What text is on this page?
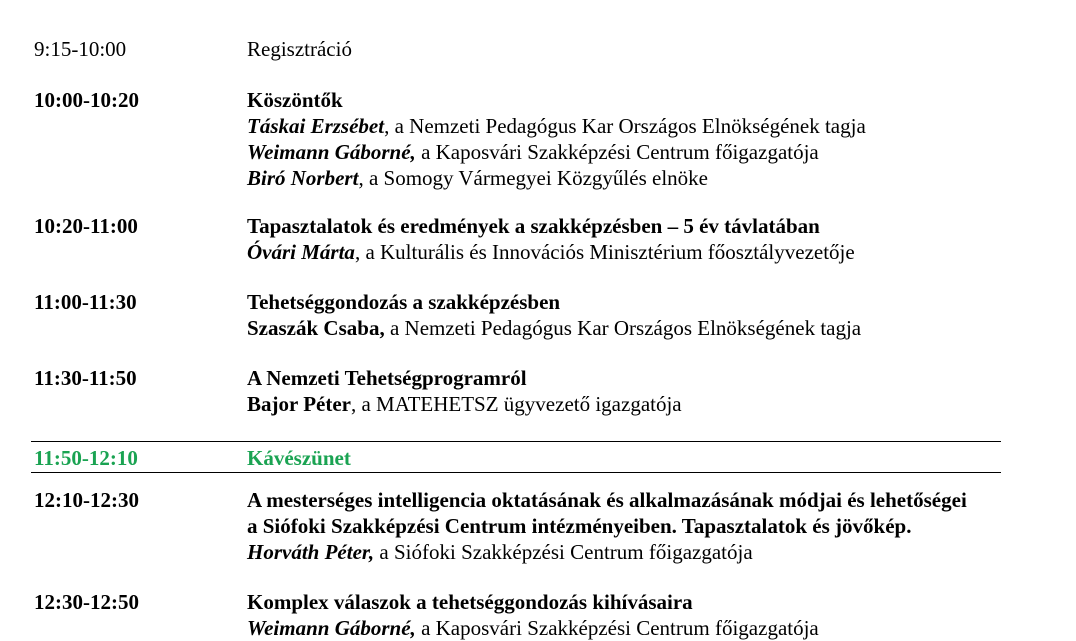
9:15-10:00	Regisztráció
10:00-10:20	Köszöntők
Táskai Erzsébet, a Nemzeti Pedagógus Kar Országos Elnökségének tagja
Weimann Gáborné, a Kaposvári Szakképzési Centrum főigazgatója
Biró Norbert, a Somogy Vármegyei Közgyűlés elnöke
10:20-11:00	Tapasztalatok és eredmények a szakképzésben – 5 év távlatában
Óvári Márta, a Kulturális és Innovációs Minisztérium főosztályvezetője
11:00-11:30	Tehetséggondozás a szakképzésben
Szaszák Csaba, a Nemzeti Pedagógus Kar Országos Elnökségének tagja
11:30-11:50	A Nemzeti Tehetségprogramról
Bajor Péter, a MATEHETSZ ügyvezető igazgatója
11:50-12:10	Kávészünet
12:10-12:30	A mesterséges intelligencia oktatásának és alkalmazásának módjai és lehetőségei
a Siófoki Szakképzési Centrum intézményeiben. Tapasztalatok és jövőkép.
Horváth Péter, a Siófoki Szakképzési Centrum főigazgatója
12:30-12:50	Komplex válaszok a tehetséggondozás kihívásaira
Weimann Gáborné, a Kaposvári Szakképzési Centrum főigazgatója
